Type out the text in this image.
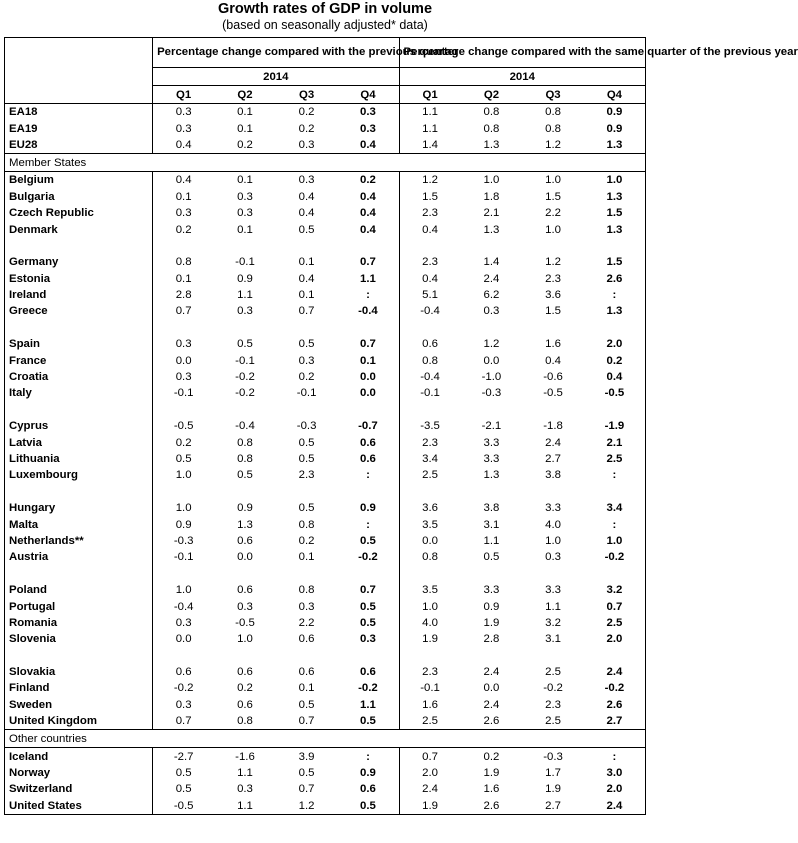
Growth rates of GDP in volume
(based on seasonally adjusted* data)
	Percentage change compared with the previous quarter				Percentage change compared with the same quarter of the previous year			
	2014				2014			
	Q1	Q2	Q3	Q4	Q1	Q2	Q3	Q4
EA18	0.3	0.1	0.2	0.3	1.1	0.8	0.8	0.9
EA19	0.3	0.1	0.2	0.3	1.1	0.8	0.8	0.9
EU28	0.4	0.2	0.3	0.4	1.4	1.3	1.2	1.3
Member States								
Belgium	0.4	0.1	0.3	0.2	1.2	1.0	1.0	1.0
Bulgaria	0.1	0.3	0.4	0.4	1.5	1.8	1.5	1.3
Czech Republic	0.3	0.3	0.4	0.4	2.3	2.1	2.2	1.5
Denmark	0.2	0.1	0.5	0.4	0.4	1.3	1.0	1.3

Germany	0.8	-0.1	0.1	0.7	2.3	1.4	1.2	1.5
Estonia	0.1	0.9	0.4	1.1	0.4	2.4	2.3	2.6
Ireland	2.8	1.1	0.1	:	5.1	6.2	3.6	:
Greece	0.7	0.3	0.7	-0.4	-0.4	0.3	1.5	1.3

Spain	0.3	0.5	0.5	0.7	0.6	1.2	1.6	2.0
France	0.0	-0.1	0.3	0.1	0.8	0.0	0.4	0.2
Croatia	0.3	-0.2	0.2	0.0	-0.4	-1.0	-0.6	0.4
Italy	-0.1	-0.2	-0.1	0.0	-0.1	-0.3	-0.5	-0.5

Cyprus	-0.5	-0.4	-0.3	-0.7	-3.5	-2.1	-1.8	-1.9
Latvia	0.2	0.8	0.5	0.6	2.3	3.3	2.4	2.1
Lithuania	0.5	0.8	0.5	0.6	3.4	3.3	2.7	2.5
Luxembourg	1.0	0.5	2.3	:	2.5	1.3	3.8	:

Hungary	1.0	0.9	0.5	0.9	3.6	3.8	3.3	3.4
Malta	0.9	1.3	0.8	:	3.5	3.1	4.0	:
Netherlands**	-0.3	0.6	0.2	0.5	0.0	1.1	1.0	1.0
Austria	-0.1	0.0	0.1	-0.2	0.8	0.5	0.3	-0.2

Poland	1.0	0.6	0.8	0.7	3.5	3.3	3.3	3.2
Portugal	-0.4	0.3	0.3	0.5	1.0	0.9	1.1	0.7
Romania	0.3	-0.5	2.2	0.5	4.0	1.9	3.2	2.5
Slovenia	0.0	1.0	0.6	0.3	1.9	2.8	3.1	2.0

Slovakia	0.6	0.6	0.6	0.6	2.3	2.4	2.5	2.4
Finland	-0.2	0.2	0.1	-0.2	-0.1	0.0	-0.2	-0.2
Sweden	0.3	0.6	0.5	1.1	1.6	2.4	2.3	2.6
United Kingdom	0.7	0.8	0.7	0.5	2.5	2.6	2.5	2.7
Other countries								
Iceland	-2.7	-1.6	3.9	:	0.7	0.2	-0.3	:
Norway	0.5	1.1	0.5	0.9	2.0	1.9	1.7	3.0
Switzerland	0.5	0.3	0.7	0.6	2.4	1.6	1.9	2.0
United States	-0.5	1.1	1.2	0.5	1.9	2.6	2.7	2.4
